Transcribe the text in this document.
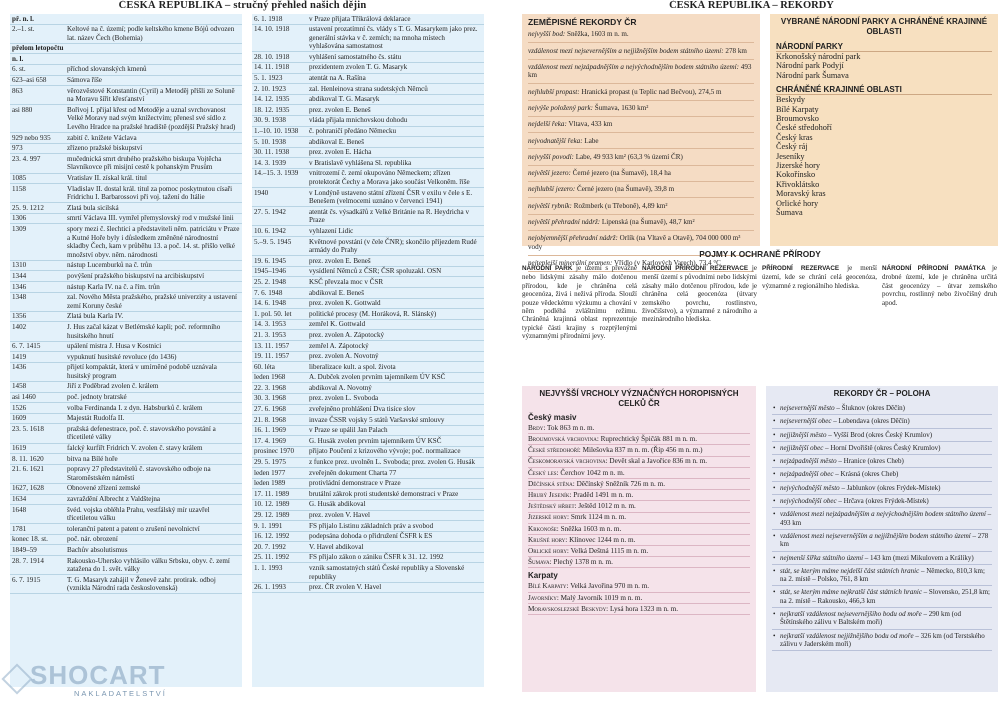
ČESKÁ REPUBLIKA – stručný přehled našich dějin	ČESKÁ REPUBLIKA – REKORDY
př. n. l.
2.–1. st.	Keltové na č. území; podle keltského kmene Bójů odvozen lat. název Čech (Bohemia)
přelom letopočtu
n. l.
6. st.	příchod slovanských kmenů
623–asi 658	Sámova říše
863	věrozvěstové Konstantin (Cyril) a Metoděj přišli ze Soluně na Moravu šířit křesťanství
asi 880	Bořivoj I. přijal křest od Metoděje a uznal svrchovanost Velké Moravy nad svým knížectvím; přenesl své sídlo z Levého Hradce na pražské hradiště (pozdější Pražský hrad)
929 nebo 935	zabití č. knížete Václava
973	zřízeno pražské biskupství
23. 4. 997	mučednická smrt druhého pražského biskupa Vojtěcha Slavníkovce při misijní cestě k pohanským Prusům
1085	Vratislav II. získal král. titul
1158	Vladislav II. dostal král. titul za pomoc poskytnutou císaři Fridrichu I. Barbarossovi při voj. tažení do Itálie
25. 9. 1212	Zlatá bula sicilská
1306	smrtí Václava III. vymřel přemyslovský rod v mužské linii
1309	spory mezi č. šlechtici a představiteli něm. patriciátu v Praze a Kutné Hoře byly i důsledkem změněné národnostní skladby Čech, kam v průběhu 13. a poč. 14. st. přišlo velké množství obyv. něm. národnosti
1310	nástup Lucemburků na č. trůn
1344	povýšení pražského biskupství na arcibiskupství
1346	nástup Karla IV. na č. a řím. trůn
1348	zal. Nového Města pražského, pražské univerzity a ustavení zemí Koruny české
1356	Zlatá bula Karla IV.
1402	J. Hus začal kázat v Betlémské kapli; poč. reformního husitského hnutí
6. 7. 1415	upálení mistra J. Husa v Kostnici
1419	vypuknutí husitské revoluce (do 1436)
1436	přijetí kompaktát, která v umírněné podobě uznávala husitský program
1458	Jiří z Poděbrad zvolen č. králem
asi 1460	poč. jednoty bratrské
1526	volba Ferdinanda I. z dyn. Habsburků č. králem
1609	Majestát Rudolfa II.
23. 5. 1618	pražská defenestrace, poč. č. stavovského povstání a třicetileté války
1619	falcký kurfiřt Fridrich V. zvolen č. stavy králem
8. 11. 1620	bitva na Bílé hoře
21. 6. 1621	popravy 27 představitelů č. stavovského odboje na Staroměstském náměstí
1627, 1628	Obnovené zřízení zemské
1634	zavraždění Albrecht z Valdštejna
1648	švéd. vojska obléhla Prahu, vestfálský mír uzavřel třicetiletou válku
1781	toleranční patent a patent o zrušení nevolnictví
konec 18. st.	poč. nár. obrození
1849–59	Bachův absolutismus
28. 7. 1914	Rakousko-Uhersko vyhlásilo válku Srbsku, obyv. č. zemí zatažena do 1. svět. války
6. 7. 1915	T. G. Masaryk zahájil v Ženevě zahr. protirak. odboj (vznikla Národní rada československá)
6. 1. 1918	v Praze přijata Tříkrálová deklarace
14. 10. 1918	ustavení prozatímní čs. vlády s T. G. Masarykem jako prez. generální stávka v č. zemích; na mnoha místech vyhlašována samostatnost
28. 10. 1918	vyhlášení samostatného čs. státu
14. 11. 1918	prezidentem zvolen T. G. Masaryk
5. 1. 1923	atentát na A. Rašína
2. 10. 1923	zal. Henleinova strana sudetských Němců
14. 12. 1935	abdikoval T. G. Masaryk
18. 12. 1935	prez. zvolen E. Beneš
30. 9. 1938	vláda přijala mnichovskou dohodu
1.–10. 10. 1938	č. pohraničí předáno Německu
5. 10. 1938	abdikoval E. Beneš
30. 11. 1938	prez. zvolen E. Hácha
14. 3. 1939	v Bratislavě vyhlášena Sl. republika
14.–15. 3. 1939	vnitrozemí č. zemí okupováno Německem; zřízen protektorát Čechy a Morava jako součást Velkoněm. říše
1940	v Londýně ustaveno státní zřízení ČSR v exilu v čele s E. Benešem (velmocemi uznáno v červenci 1941)
27. 5. 1942	atentát čs. výsadkářů z Velké Británie na R. Heydricha v Praze
10. 6. 1942	vyhlazení Lidic
5.–9. 5. 1945	Květnové povstání (v čele ČNR); skončilo příjezdem Rudé armády do Prahy
19. 6. 1945	prez. zvolen E. Beneš
1945–1946	vysídlení Němců z ČSR; ČSR spoluzakl. OSN
25. 2. 1948	KSČ převzala moc v ČSR
7. 6. 1948	abdikoval E. Beneš
14. 6. 1948	prez. zvolen K. Gottwald
1. pol. 50. let	politické procesy (M. Horáková, R. Slánský)
14. 3. 1953	zemřel K. Gottwald
21. 3. 1953	prez. zvolen A. Zápotocký
13. 11. 1957	zemřel A. Zápotocký
19. 11. 1957	prez. zvolen A. Novotný
60. léta	liberalizace kult. a spol. života
leden 1968	A. Dubček zvolen prvním tajemníkem ÚV KSČ
22. 3. 1968	abdikoval A. Novotný
30. 3. 1968	prez. zvolen L. Svoboda
27. 6. 1968	zveřejněno prohlášení Dva tisíce slov
21. 8. 1968	invaze ČSSR vojsky 5 států Varšavské smlouvy
16. 1. 1969	v Praze se upálil Jan Palach
17. 4. 1969	G. Husák zvolen prvním tajemníkem ÚV KSČ
prosinec 1970	přijato Poučení z krizového vývoje; poč. normalizace
29. 5. 1975	z funkce prez. uvolněn L. Svoboda; prez. zvolen G. Husák
leden 1977	zveřejněn dokument Charta 77
leden 1989	protivládní demonstrace v Praze
17. 11. 1989	brutální zákrok proti studentské demonstraci v Praze
10. 12. 1989	G. Husák abdikoval
29. 12. 1989	prez. zvolen V. Havel
9. 1. 1991	FS přijalo Listinu základních práv a svobod
16. 12. 1992	podepsána dohoda o přidružení ČSFR k ES
20. 7. 1992	V. Havel abdikoval
25. 11. 1992	FS přijalo zákon o zániku ČSFR k 31. 12. 1992
1. 1. 1993	vznik samostatných států České republiky a Slovenské republiky
26. 1. 1993	prez. ČR zvolen V. Havel
SHOCART
NAKLADATELSTVÍ
ZEMĚPISNÉ REKORDY ČR
nejvyšší bod: Sněžka, 1603 m n. m.
vzdálenost mezi nejsevernějším a nejjižnějším bodem státního území: 278 km
vzdálenost mezi nejzápadnějším a nejvýchodnějším bodem státního území: 493 km
nejhlubší propast: Hranická propast (u Teplic nad Bečvou), 274,5 m
nejvýše položený park: Šumava, 1630 km²
nejdelší řeka: Vltava, 433 km
nejvodnatější řeka: Labe
nejvyšší povodí: Labe, 49 933 km² (63,3 % území ČR)
největší jezero: Černé jezero (na Šumavě), 18,4 ha
nejhlubší jezero: Černé jezero (na Šumavě), 39,8 m
největší rybník: Rožmberk (u Třeboně), 4,89 km²
největší přehradní nádrž: Lipenská (na Šumavě), 48,7 km²
nejobjemnější přehradní nádrž: Orlík (na Vltavě a Otavě), 704 000 000 m³ vody
nejteplejší minerální pramen: Vřídlo (v Karlových Varech), 73,4 °C
VYBRANÉ NÁRODNÍ PARKY A CHRÁNĚNÉ KRAJINNÉ OBLASTI
NÁRODNÍ PARKY
Krkonošský národní park
Národní park Podyjí
Národní park Šumava
CHRÁNĚNÉ KRAJINNÉ OBLASTI
Beskydy
Bílé Karpaty
Broumovsko
České středohoří
Český kras
Český ráj
Jeseníky
Jizerské hory
Kokořínsko
Křivoklátsko
Moravský kras
Orlické hory
Šumava
POJMY K OCHRANĚ PŘÍRODY
NÁRODNÍ PARK je území s převážně nebo lidskými zásahy málo dotčenou přírodou, kde je chráněna celá geocenóza, živá i neživá příroda. Slouží pouze vědeckému výzkumu a chování v něm podléhá zvláštnímu režimu. Chráněná krajinná oblast reprezentuje typické části krajiny s rozptýlenými významnými přírodními jevy.
NÁRODNÍ PŘÍRODNÍ REZERVACE je menší území s původními nebo lidskými zásahy málo dotčenou přírodou, kde je chráněna celá geocenóza (útvary zemského povrchu, rostlinstvo, živočišstvo), a významné z národního a mezinárodního hlediska.
PŘÍRODNÍ REZERVACE je menší území, kde se chrání celá geocenóza, významné z regionálního hlediska.
NÁRODNÍ PŘÍRODNÍ PAMÁTKA je drobné území, kde je chráněna určitá část geocenózy – útvar zemského povrchu, rostlinný nebo živočišný druh apod.
NEJVYŠŠÍ VRCHOLY VÝZNAČNÝCH HOROPISNÝCH CELKŮ ČR
Český masiv
Brdy: Tok 863 m n. m.
Broumovská vrchovina: Ruprechtický Špičák 881 m n. m.
České středohoří: Milešovka 837 m n. m. (Říp 456 m n. m.)
Českomoravská vrchovina: Devět skal a Javořice 836 m n. m.
Český les: Čerchov 1042 m n. m.
Děčínská stěna: Děčínský Sněžník 726 m n. m.
Hrubý Jeseník: Praděd 1491 m n. m.
Ještědský hřbet: Ještěd 1012 m n. m.
Jizerské hory: Smrk 1124 m n. m.
Krkonoše: Sněžka 1603 m n. m.
Krušné hory: Klínovec 1244 m n. m.
Orlické hory: Velká Deštná 1115 m n. m.
Šumava: Plechý 1378 m n. m.
Karpaty
Bílé Karpaty: Velká Javořina 970 m n. m.
Javorníky: Malý Javorník 1019 m n. m.
Moravskoslezské Beskydy: Lysá hora 1323 m n. m.
REKORDY ČR – POLOHA
• nejsevernější město – Šluknov (okres Děčín)
• nejsevernější obec – Lobendava (okres Děčín)
• nejjižnější město – Vyšší Brod (okres Český Krumlov)
• nejjižnější obec – Horní Dvořiště (okres Český Krumlov)
• nejzápadnější město – Hranice (okres Cheb)
• nejzápadnější obec – Krásná (okres Cheb)
• nejvýchodnější město – Jablunkov (okres Frýdek-Místek)
• nejvýchodnější obec – Hrčava (okres Frýdek-Místek)
• vzdálenost mezi nejzápadnějším a nejvýchodnějším bodem státního území – 493 km
• vzdálenost mezi nejsevernějším a nejjižnějším bodem státního území – 278 km
• nejmenší šířka státního území – 143 km (mezi Mikulovem a Králíky)
• stát, se kterým máme nejdelší část státních hranic – Německo, 810,3 km; na 2. místě – Polsko, 761, 8 km
• stát, se kterým máme nejkratší část státních hranic – Slovensko, 251,8 km; na 2. místě – Rakousko, 466,3 km
• nejkratší vzdálenost nejsevernějšího bodu od moře – 290 km (od Štětínského zálivu v Baltském moři)
• nejkratší vzdálenost nejjižnějšího bodu od moře – 326 km (od Terstského zálivu v Jaderském moři)
